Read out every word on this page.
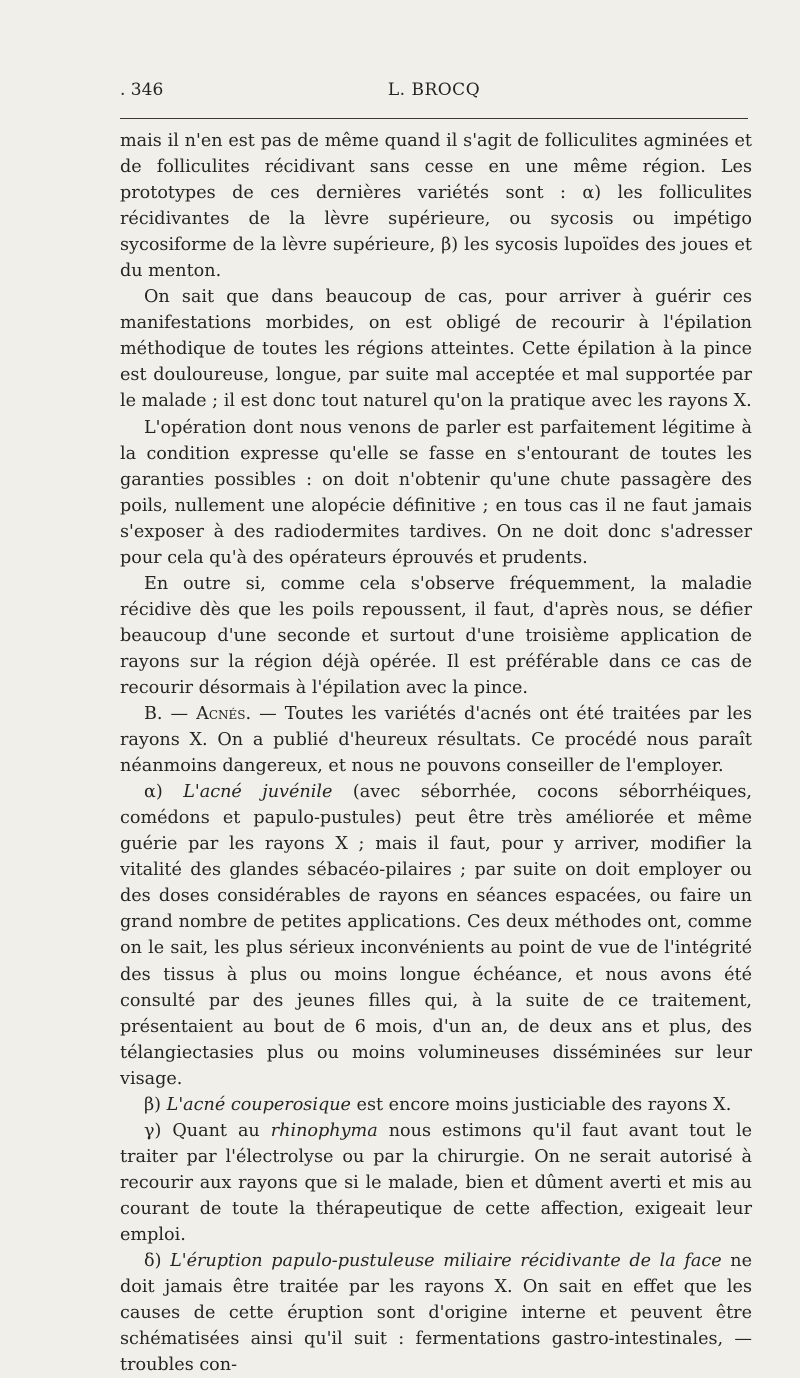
. 346	L. BROCQ

mais il n'en est pas de même quand il s'agit de folliculites agminées et de folliculites récidivant sans cesse en une même région. Les prototypes de ces dernières variétés sont : α) les folliculites récidivantes de la lèvre supérieure, ou sycosis ou impétigo sycosiforme de la lèvre supérieure, β) les sycosis lupoïdes des joues et du menton.

On sait que dans beaucoup de cas, pour arriver à guérir ces manifestations morbides, on est obligé de recourir à l'épilation méthodique de toutes les régions atteintes. Cette épilation à la pince est douloureuse, longue, par suite mal acceptée et mal supportée par le malade ; il est donc tout naturel qu'on la pratique avec les rayons X.

L'opération dont nous venons de parler est parfaitement légitime à la condition expresse qu'elle se fasse en s'entourant de toutes les garanties possibles : on doit n'obtenir qu'une chute passagère des poils, nullement une alopécie définitive ; en tous cas il ne faut jamais s'exposer à des radiodermites tardives. On ne doit donc s'adresser pour cela qu'à des opérateurs éprouvés et prudents.

En outre si, comme cela s'observe fréquemment, la maladie récidive dès que les poils repoussent, il faut, d'après nous, se défier beaucoup d'une seconde et surtout d'une troisième application de rayons sur la région déjà opérée. Il est préférable dans ce cas de recourir désormais à l'épilation avec la pince.

B. — Acnés. — Toutes les variétés d'acnés ont été traitées par les rayons X. On a publié d'heureux résultats. Ce procédé nous paraît néanmoins dangereux, et nous ne pouvons conseiller de l'employer.

α) L'acné juvénile (avec séborrhée, cocons séborrhéiques, comédons et papulo-pustules) peut être très améliorée et même guérie par les rayons X ; mais il faut, pour y arriver, modifier la vitalité des glandes sébacéo-pilaires ; par suite on doit employer ou des doses considérables de rayons en séances espacées, ou faire un grand nombre de petites applications. Ces deux méthodes ont, comme on le sait, les plus sérieux inconvénients au point de vue de l'intégrité des tissus à plus ou moins longue échéance, et nous avons été consulté par des jeunes filles qui, à la suite de ce traitement, présentaient au bout de 6 mois, d'un an, de deux ans et plus, des télangiectasies plus ou moins volumineuses disséminées sur leur visage.

β) L'acné couperosique est encore moins justiciable des rayons X.

γ) Quant au rhinophyma nous estimons qu'il faut avant tout le traiter par l'électrolyse ou par la chirurgie. On ne serait autorisé à recourir aux rayons que si le malade, bien et dûment averti et mis au courant de toute la thérapeutique de cette affection, exigeait leur emploi.

δ) L'éruption papulo-pustuleuse miliaire récidivante de la face ne doit jamais être traitée par les rayons X. On sait en effet que les causes de cette éruption sont d'origine interne et peuvent être schématisées ainsi qu'il suit : fermentations gastro-intestinales, — troubles con-
